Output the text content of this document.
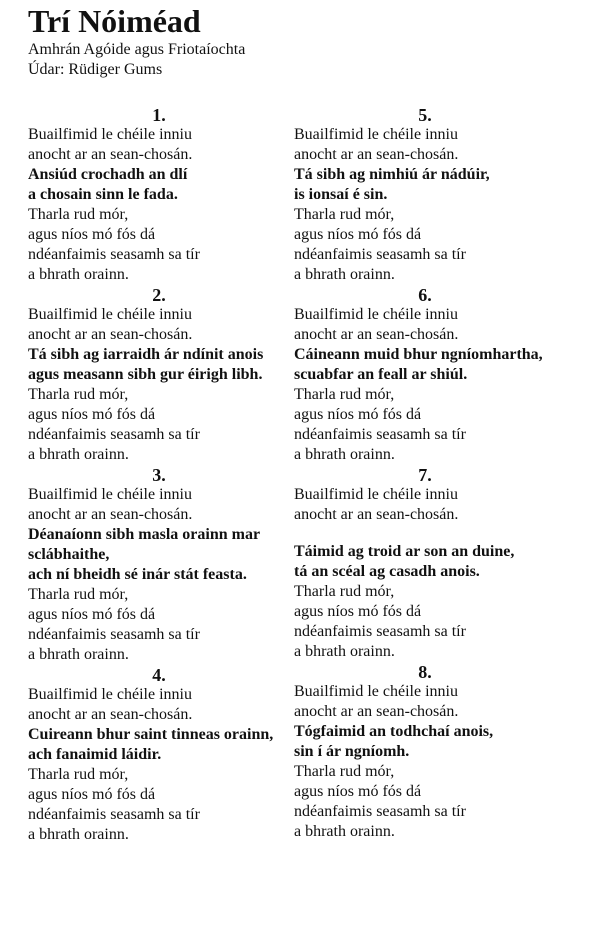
Trí Nóiméad
Amhrán Agóide agus Friotaíochta
Údar: Rüdiger Gums
1.
Buailfimid le chéile inniu
anocht ar an sean-chosán.
Ansiúd crochadh an dlí
a chosain sinn le fada.
Tharla rud mór,
agus níos mó fós dá
ndéanfaimis seasamh sa tír
a bhrath orainn.
2.
Buailfimid le chéile inniu
anocht ar an sean-chosán.
Tá sibh ag iarraidh ár ndínit anois
agus measann sibh gur éirigh libh.
Tharla rud mór,
agus níos mó fós dá
ndéanfaimis seasamh sa tír
a bhrath orainn.
3.
Buailfimid le chéile inniu
anocht ar an sean-chosán.
Déanaíonn sibh masla orainn mar sclábhaithe,
ach ní bheidh sé inár stát feasta.
Tharla rud mór,
agus níos mó fós dá
ndéanfaimis seasamh sa tír
a bhrath orainn.
4.
Buailfimid le chéile inniu
anocht ar an sean-chosán.
Cuireann bhur saint tinneas orainn,
ach fanaimid láidir.
Tharla rud mór,
agus níos mó fós dá
ndéanfaimis seasamh sa tír
a bhrath orainn.
5.
Buailfimid le chéile inniu
anocht ar an sean-chosán.
Tá sibh ag nimhiú ár nádúir,
is ionsaí é sin.
Tharla rud mór,
agus níos mó fós dá
ndéanfaimis seasamh sa tír
a bhrath orainn.
6.
Buailfimid le chéile inniu
anocht ar an sean-chosán.
Cáineann muid bhur ngníomhartha,
scuabfar an feall ar shiúl.
Tharla rud mór,
agus níos mó fós dá
ndéanfaimis seasamh sa tír
a bhrath orainn.
7.
Buailfimid le chéile inniu
anocht ar an sean-chosán.
Táimid ag troid ar son an duine,
tá an scéal ag casadh anois.
Tharla rud mór,
agus níos mó fós dá
ndéanfaimis seasamh sa tír
a bhrath orainn.
8.
Buailfimid le chéile inniu
anocht ar an sean-chosán.
Tógfaimid an todhchaí anois,
sin í ár ngníomh.
Tharla rud mór,
agus níos mó fós dá
ndéanfaimis seasamh sa tír
a bhrath orainn.
